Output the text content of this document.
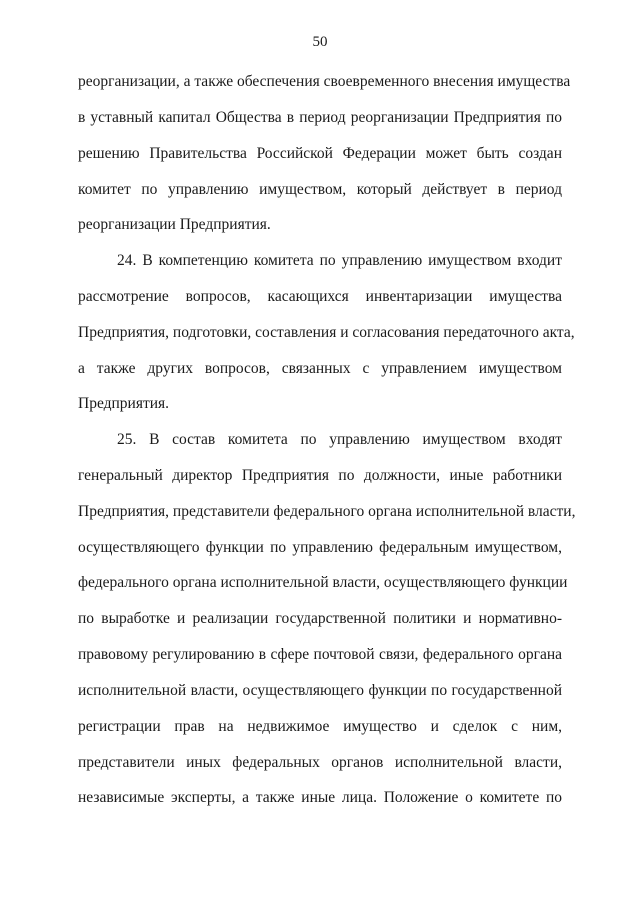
50
реорганизации, а также обеспечения своевременного внесения имущества
в уставный капитал Общества в период реорганизации Предприятия по
решению Правительства Российской Федерации может быть создан
комитет по управлению имуществом, который действует в период
реорганизации Предприятия.
24. В компетенцию комитета по управлению имуществом входит
рассмотрение вопросов, касающихся инвентаризации имущества
Предприятия, подготовки, составления и согласования передаточного акта,
а также других вопросов, связанных с управлением имуществом
Предприятия.
25. В состав комитета по управлению имуществом входят
генеральный директор Предприятия по должности, иные работники
Предприятия, представители федерального органа исполнительной власти,
осуществляющего функции по управлению федеральным имуществом,
федерального органа исполнительной власти, осуществляющего функции
по выработке и реализации государственной политики и нормативно-
правовому регулированию в сфере почтовой связи, федерального органа
исполнительной власти, осуществляющего функции по государственной
регистрации прав на недвижимое имущество и сделок с ним,
представители иных федеральных органов исполнительной власти,
независимые эксперты, а также иные лица. Положение о комитете по
